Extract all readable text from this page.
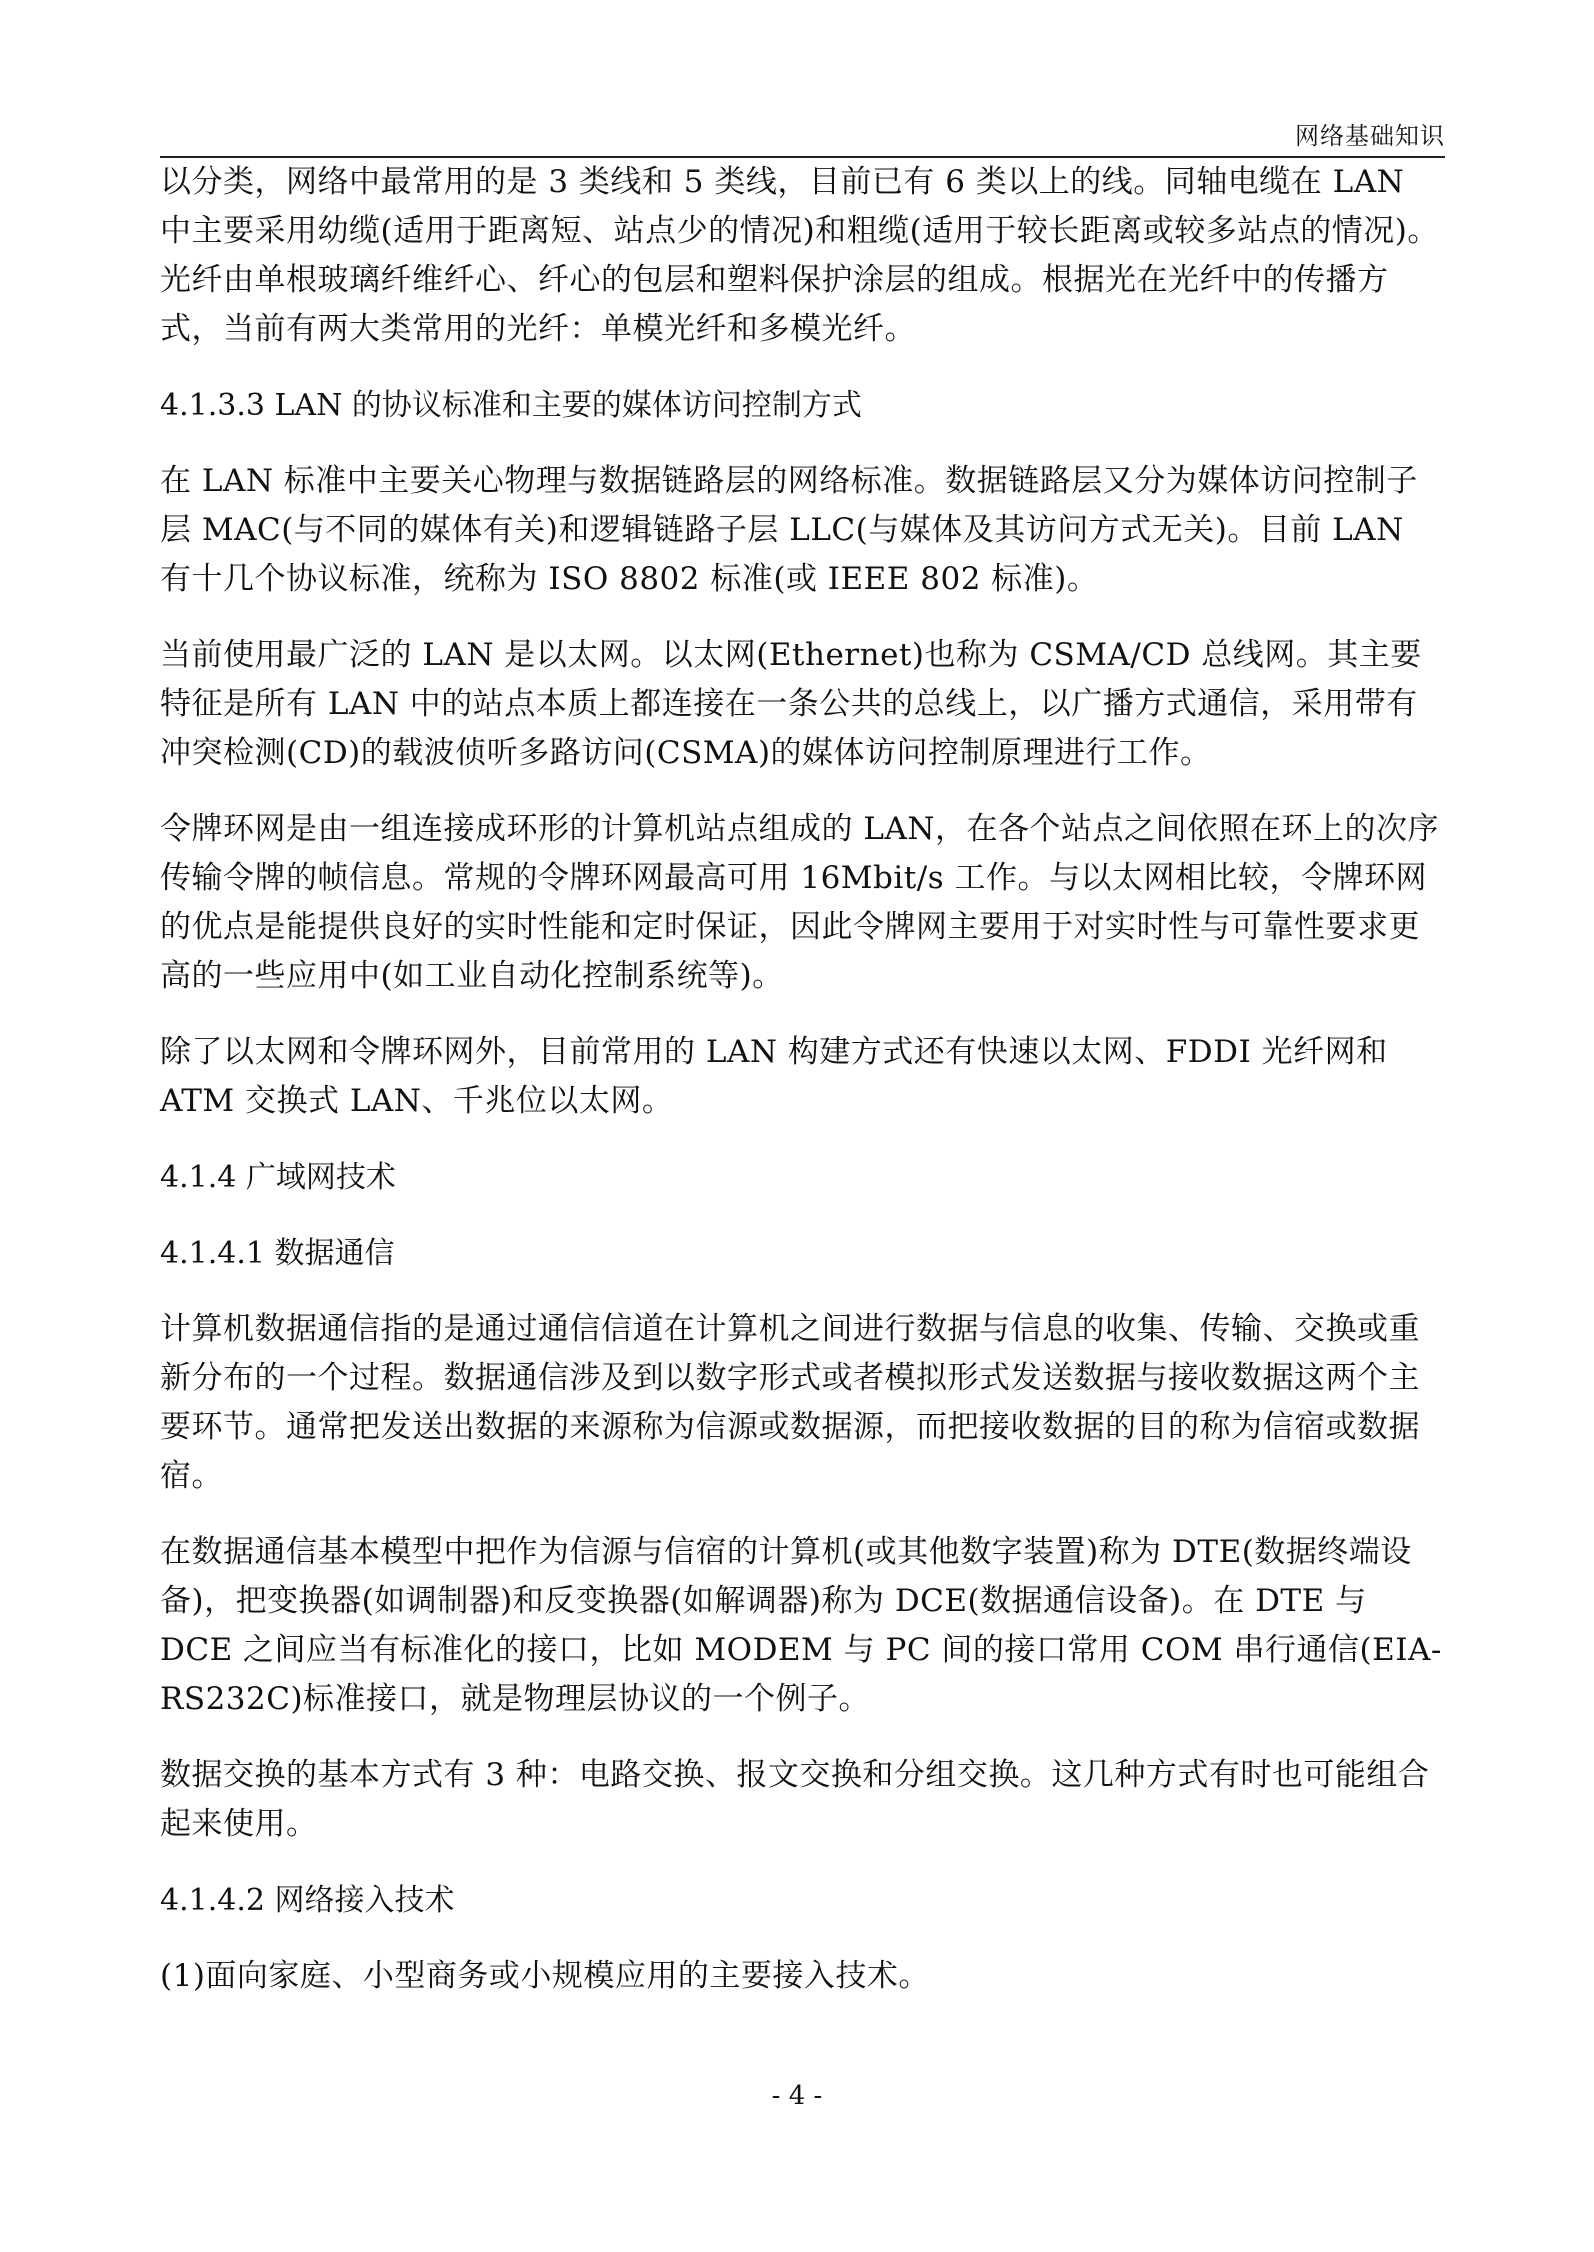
网络基础知识

以分类，网络中最常用的是 3 类线和 5 类线，目前已有 6 类以上的线。同轴电缆在 LAN 中主要采用幼缆(适用于距离短、站点少的情况)和粗缆(适用于较长距离或较多站点的情况)。光纤由单根玻璃纤维纤心、纤心的包层和塑料保护涂层的组成。根据光在光纤中的传播方式，当前有两大类常用的光纤：单模光纤和多模光纤。

4.1.3.3 LAN 的协议标准和主要的媒体访问控制方式

在 LAN 标准中主要关心物理与数据链路层的网络标准。数据链路层又分为媒体访问控制子层 MAC(与不同的媒体有关)和逻辑链路子层 LLC(与媒体及其访问方式无关)。目前 LAN 有十几个协议标准，统称为 ISO 8802 标准(或 IEEE 802 标准)。

当前使用最广泛的 LAN 是以太网。以太网(Ethernet)也称为 CSMA/CD 总线网。其主要特征是所有 LAN 中的站点本质上都连接在一条公共的总线上，以广播方式通信，采用带有冲突检测(CD)的载波侦听多路访问(CSMA)的媒体访问控制原理进行工作。

令牌环网是由一组连接成环形的计算机站点组成的 LAN，在各个站点之间依照在环上的次序传输令牌的帧信息。常规的令牌环网最高可用 16Mbit/s 工作。与以太网相比较，令牌环网的优点是能提供良好的实时性能和定时保证，因此令牌网主要用于对实时性与可靠性要求更高的一些应用中(如工业自动化控制系统等)。

除了以太网和令牌环网外，目前常用的 LAN 构建方式还有快速以太网、FDDI 光纤网和 ATM 交换式 LAN、千兆位以太网。

4.1.4 广域网技术

4.1.4.1 数据通信

计算机数据通信指的是通过通信信道在计算机之间进行数据与信息的收集、传输、交换或重新分布的一个过程。数据通信涉及到以数字形式或者模拟形式发送数据与接收数据这两个主要环节。通常把发送出数据的来源称为信源或数据源，而把接收数据的目的称为信宿或数据宿。

在数据通信基本模型中把作为信源与信宿的计算机(或其他数字装置)称为 DTE(数据终端设备)，把变换器(如调制器)和反变换器(如解调器)称为 DCE(数据通信设备)。在 DTE 与 DCE 之间应当有标准化的接口，比如 MODEM 与 PC 间的接口常用 COM 串行通信(EIA-RS232C)标准接口，就是物理层协议的一个例子。

数据交换的基本方式有 3 种：电路交换、报文交换和分组交换。这几种方式有时也可能组合起来使用。

4.1.4.2 网络接入技术

(1)面向家庭、小型商务或小规模应用的主要接入技术。

- 4 -
